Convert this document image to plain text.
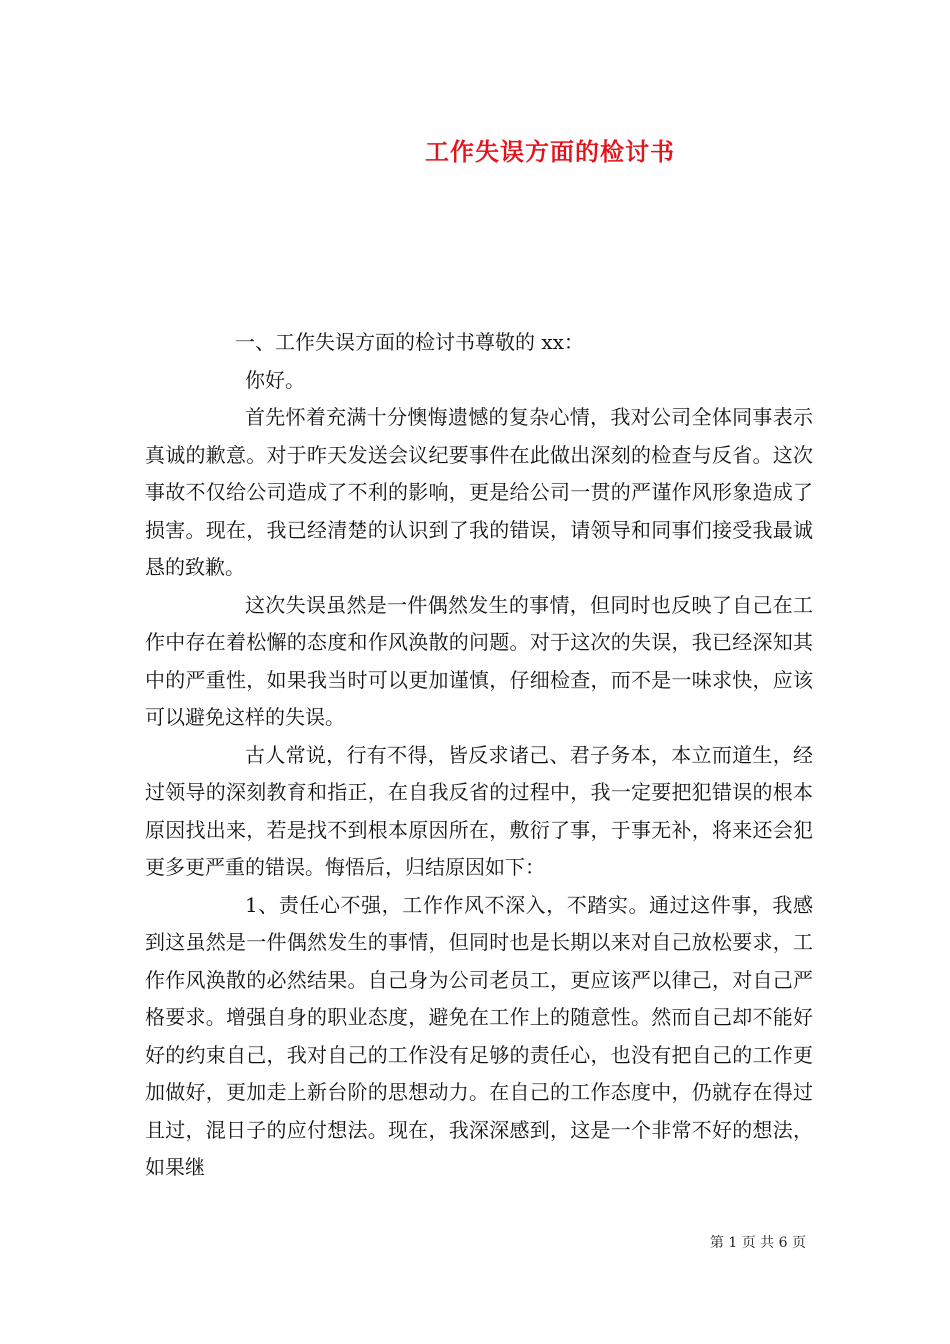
工作失误方面的检讨书

一、工作失误方面的检讨书尊敬的 xx：

你好。

首先怀着充满十分懊悔遗憾的复杂心情，我对公司全体同事表示真诚的歉意。对于昨天发送会议纪要事件在此做出深刻的检查与反省。这次事故不仅给公司造成了不利的影响，更是给公司一贯的严谨作风形象造成了损害。现在，我已经清楚的认识到了我的错误，请领导和同事们接受我最诚恳的致歉。

这次失误虽然是一件偶然发生的事情，但同时也反映了自己在工作中存在着松懈的态度和作风涣散的问题。对于这次的失误，我已经深知其中的严重性，如果我当时可以更加谨慎，仔细检查，而不是一味求快，应该可以避免这样的失误。

古人常说，行有不得，皆反求诸己、君子务本，本立而道生，经过领导的深刻教育和指正，在自我反省的过程中，我一定要把犯错误的根本原因找出来，若是找不到根本原因所在，敷衍了事，于事无补，将来还会犯更多更严重的错误。悔悟后，归结原因如下：

1、责任心不强，工作作风不深入，不踏实。通过这件事，我感到这虽然是一件偶然发生的事情，但同时也是长期以来对自己放松要求，工作作风涣散的必然结果。自己身为公司老员工，更应该严以律己，对自己严格要求。增强自身的职业态度，避免在工作上的随意性。然而自己却不能好好的约束自己，我对自己的工作没有足够的责任心，也没有把自己的工作更加做好，更加走上新台阶的思想动力。在自己的工作态度中，仍就存在得过且过，混日子的应付想法。现在，我深深感到，这是一个非常不好的想法，如果继

第 1 页 共 6 页
